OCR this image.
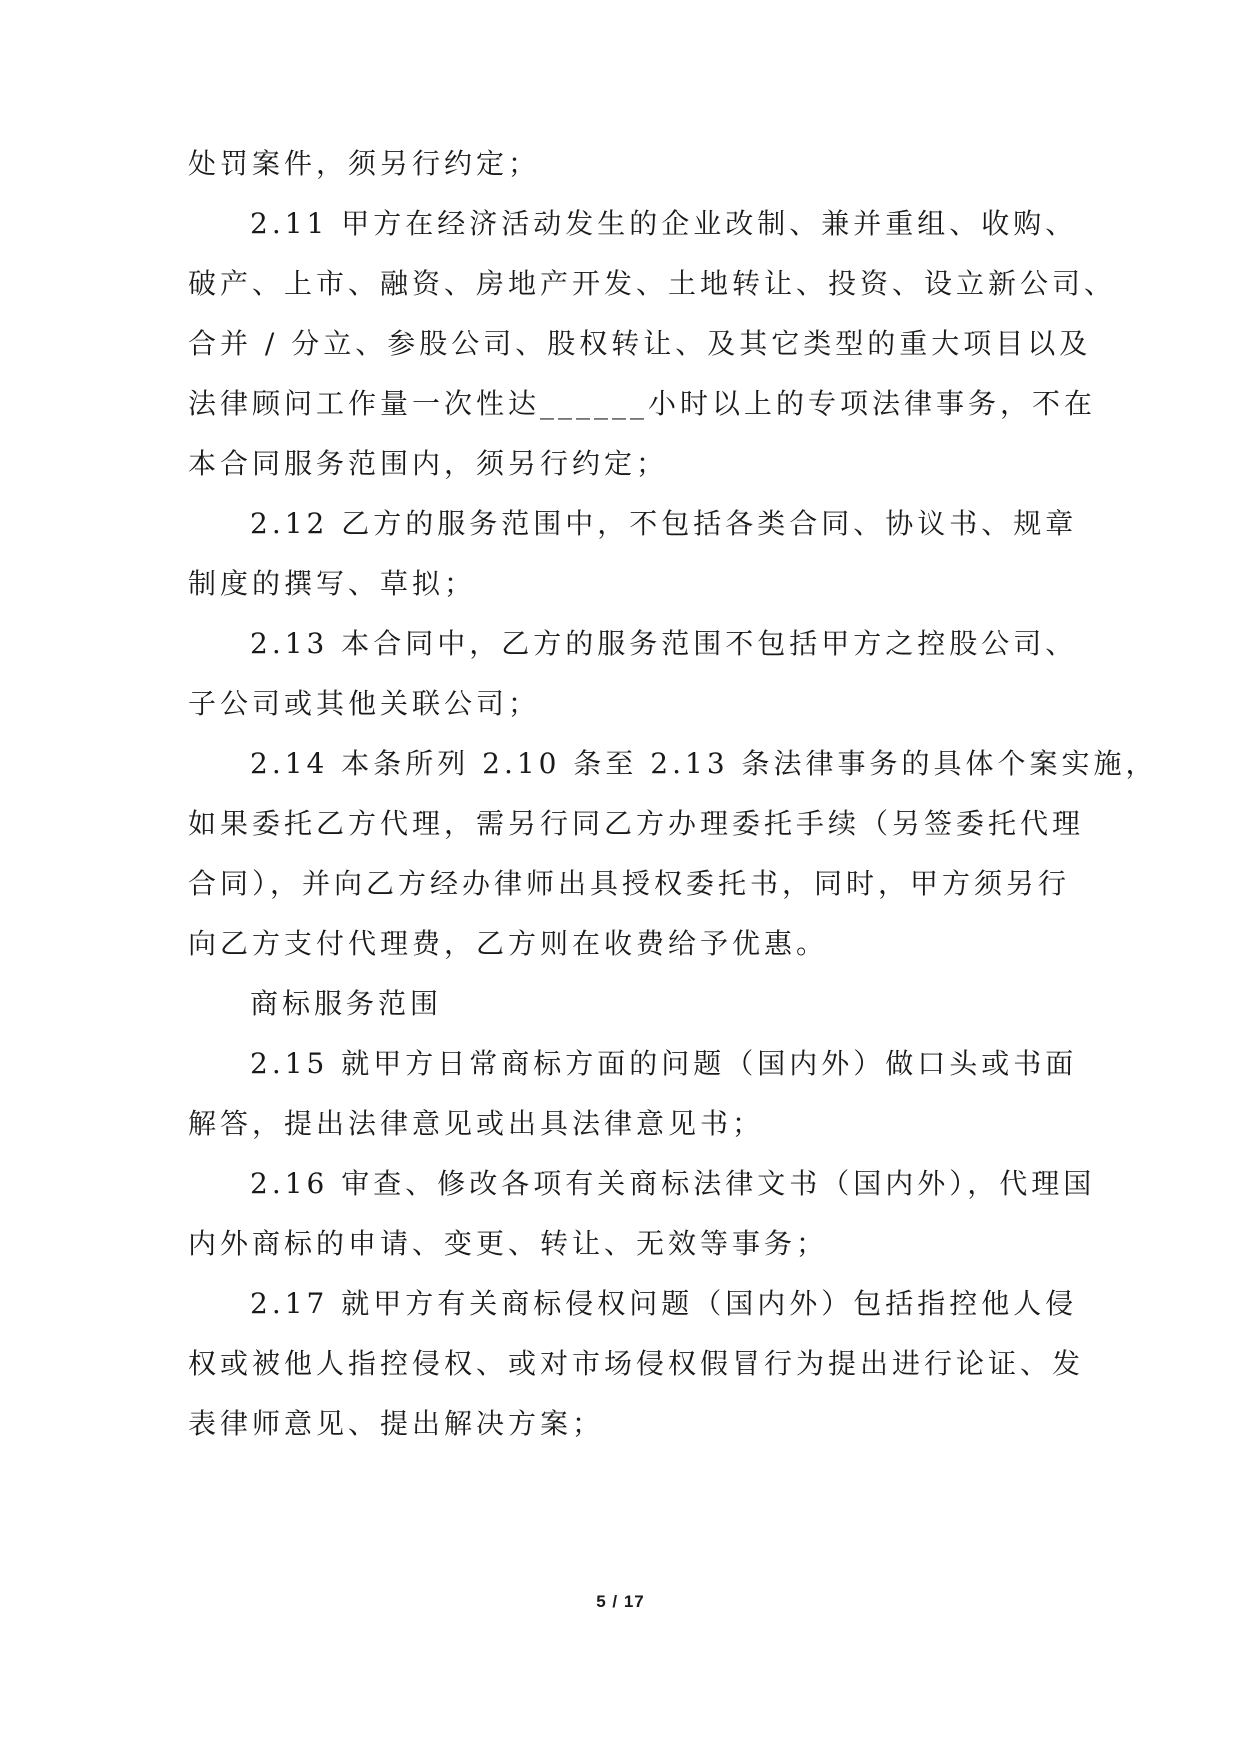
处罚案件，须另行约定；
2.11 甲方在经济活动发生的企业改制、兼并重组、收购、
破产、上市、融资、房地产开发、土地转让、投资、设立新公司、
合并 / 分立、参股公司、股权转让、及其它类型的重大项目以及
法律顾问工作量一次性达______小时以上的专项法律事务，不在
本合同服务范围内，须另行约定；
2.12 乙方的服务范围中，不包括各类合同、协议书、规章
制度的撰写、草拟；
2.13 本合同中，乙方的服务范围不包括甲方之控股公司、
子公司或其他关联公司；
2.14 本条所列 2.10 条至 2.13 条法律事务的具体个案实施，
如果委托乙方代理，需另行同乙方办理委托手续（另签委托代理
合同），并向乙方经办律师出具授权委托书，同时，甲方须另行
向乙方支付代理费，乙方则在收费给予优惠。
商标服务范围
2.15 就甲方日常商标方面的问题（国内外）做口头或书面
解答，提出法律意见或出具法律意见书；
2.16 审查、修改各项有关商标法律文书（国内外），代理国
内外商标的申请、变更、转让、无效等事务；
2.17 就甲方有关商标侵权问题（国内外）包括指控他人侵
权或被他人指控侵权、或对市场侵权假冒行为提出进行论证、发
表律师意见、提出解决方案；
5 / 17
